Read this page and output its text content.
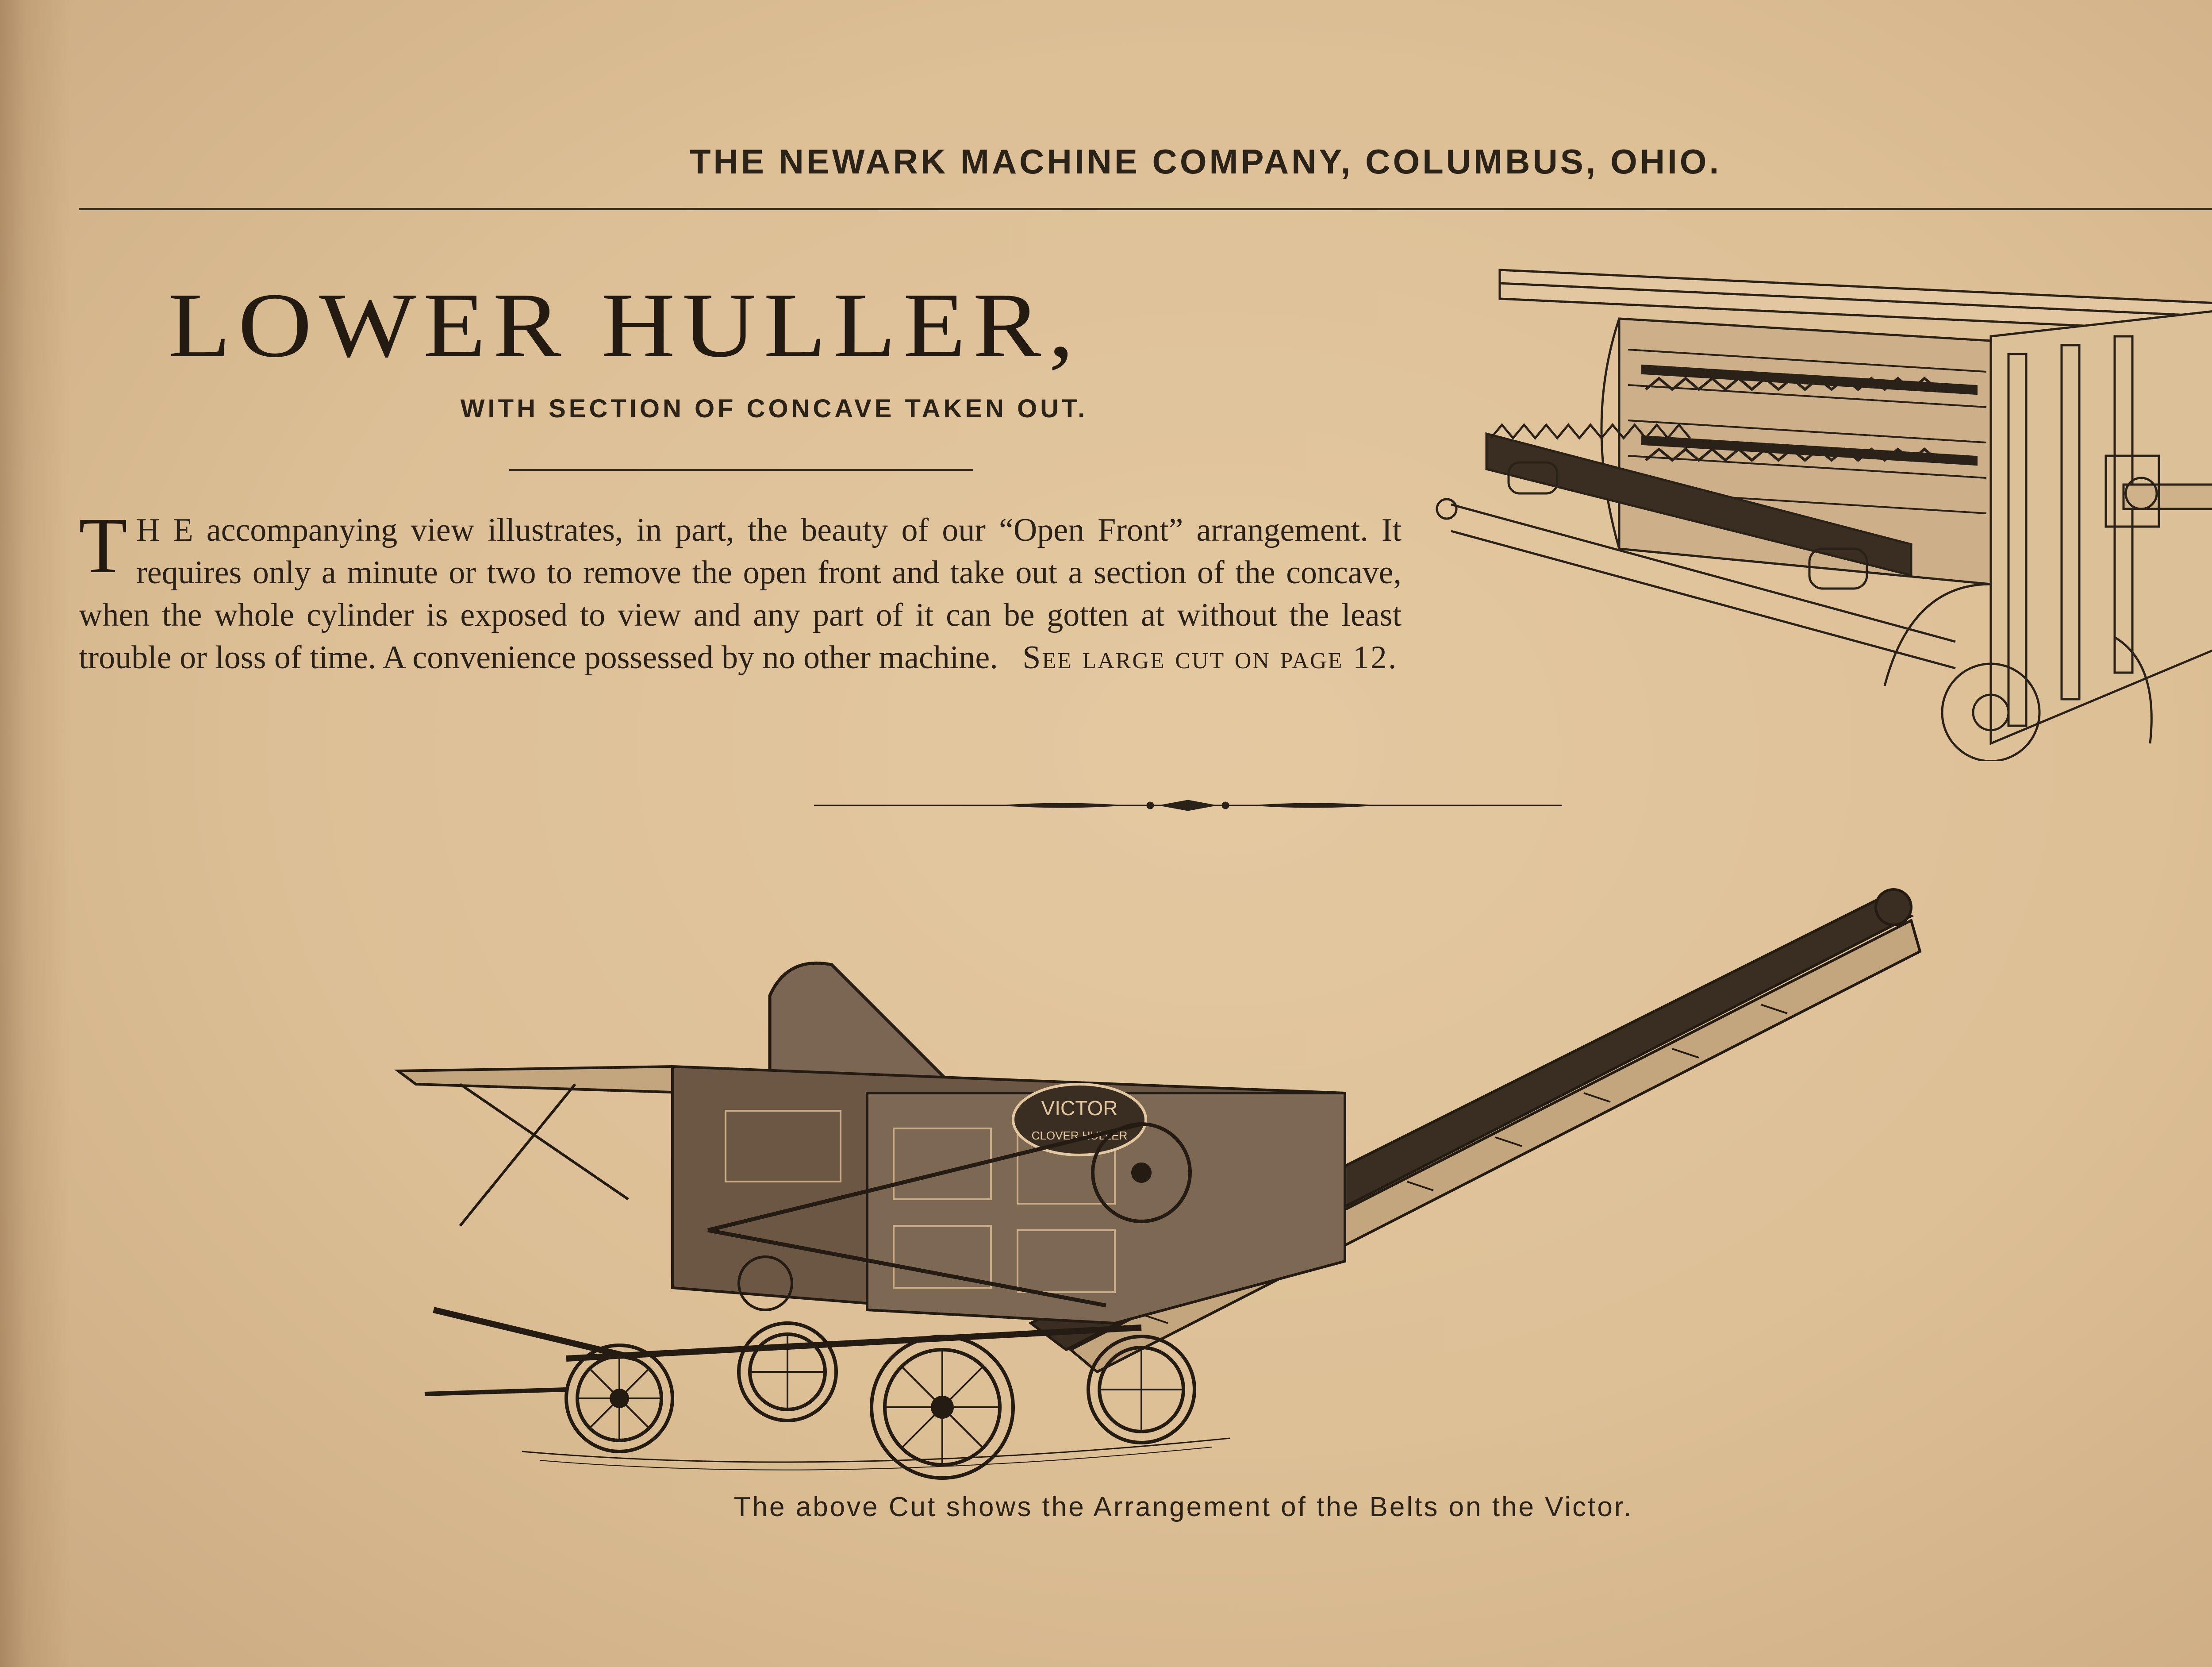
THE NEWARK MACHINE COMPANY, COLUMBUS, OHIO.
LOWER HULLER,
WITH SECTION OF CONCAVE TAKEN OUT.
T H E accompanying view illustrates, in part, the beauty of our “Open Front” arrangement. It requires only a minute or two to remove the open front and take out a section of the concave, when the whole cylinder is exposed to view and any part of it can be gotten at without the least trouble or loss of time. A convenience possessed by no other machine. See large cut on page 12.
VICTOR
CLOVER HULLER
The above Cut shows the Arrangement of the Belts on the Victor.
